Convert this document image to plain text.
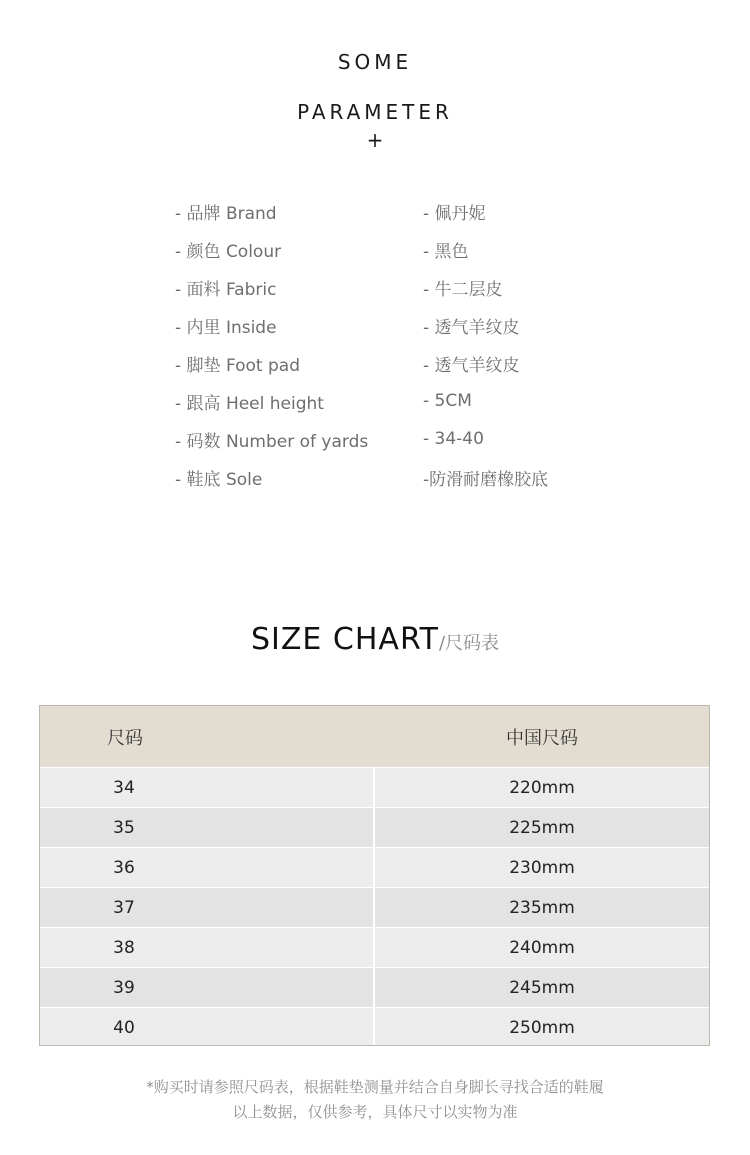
SOME
PARAMETER
+
- 品牌 Brand	- 佩丹妮
- 颜色 Colour	- 黑色
- 面料 Fabric	- 牛二层皮
- 内里 Inside	- 透气羊纹皮
- 脚垫 Foot pad	- 透气羊纹皮
- 跟高 Heel height	- 5CM
- 码数 Number of yards	- 34-40
- 鞋底 Sole	-防滑耐磨橡胶底
SIZE CHART/尺码表
尺码	中国尺码
34	220mm
35	225mm
36	230mm
37	235mm
38	240mm
39	245mm
40	250mm
*购买时请参照尺码表，根据鞋垫测量并结合自身脚长寻找合适的鞋履
以上数据，仅供参考，具体尺寸以实物为准
